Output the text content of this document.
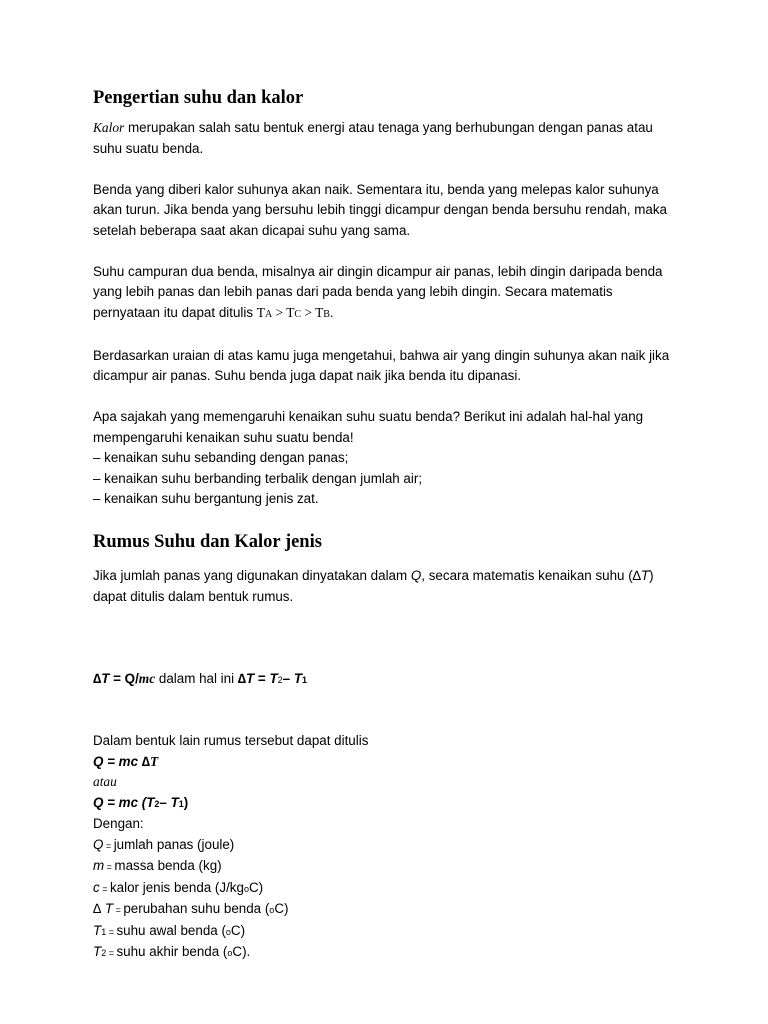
Pengertian suhu dan kalor

Kalor merupakan salah satu bentuk energi atau tenaga yang berhubungan dengan panas atau suhu suatu benda.

Benda yang diberi kalor suhunya akan naik. Sementara itu, benda yang melepas kalor suhunya akan turun. Jika benda yang bersuhu lebih tinggi dicampur dengan benda bersuhu rendah, maka setelah beberapa saat akan dicapai suhu yang sama.

Suhu campuran dua benda, misalnya air dingin dicampur air panas, lebih dingin daripada benda yang lebih panas dan lebih panas dari pada benda yang lebih dingin. Secara matematis pernyataan itu dapat ditulis TA > TC > TB.

Berdasarkan uraian di atas kamu juga mengetahui, bahwa air yang dingin suhunya akan naik jika dicampur air panas. Suhu benda juga dapat naik jika benda itu dipanasi.

Apa sajakah yang memengaruhi kenaikan suhu suatu benda? Berikut ini adalah hal-hal yang mempengaruhi kenaikan suhu suatu benda!
– kenaikan suhu sebanding dengan panas;
– kenaikan suhu berbanding terbalik dengan jumlah air;
– kenaikan suhu bergantung jenis zat.
Rumus Suhu dan Kalor jenis

Jika jumlah panas yang digunakan dinyatakan dalam Q, secara matematis kenaikan suhu (∆T) dapat ditulis dalam bentuk rumus.

∆T = Q/mc dalam hal ini ∆T = T2– T1
Dalam bentuk lain rumus tersebut dapat ditulis
Q = mc ∆T
atau
Q = mc (T2– T1)
Dengan:
Q = jumlah panas (joule)
m = massa benda (kg)
c = kalor jenis benda (J/kgoC)
∆ T = perubahan suhu benda (oC)
T1 = suhu awal benda (oC)
T2 = suhu akhir benda (oC).
